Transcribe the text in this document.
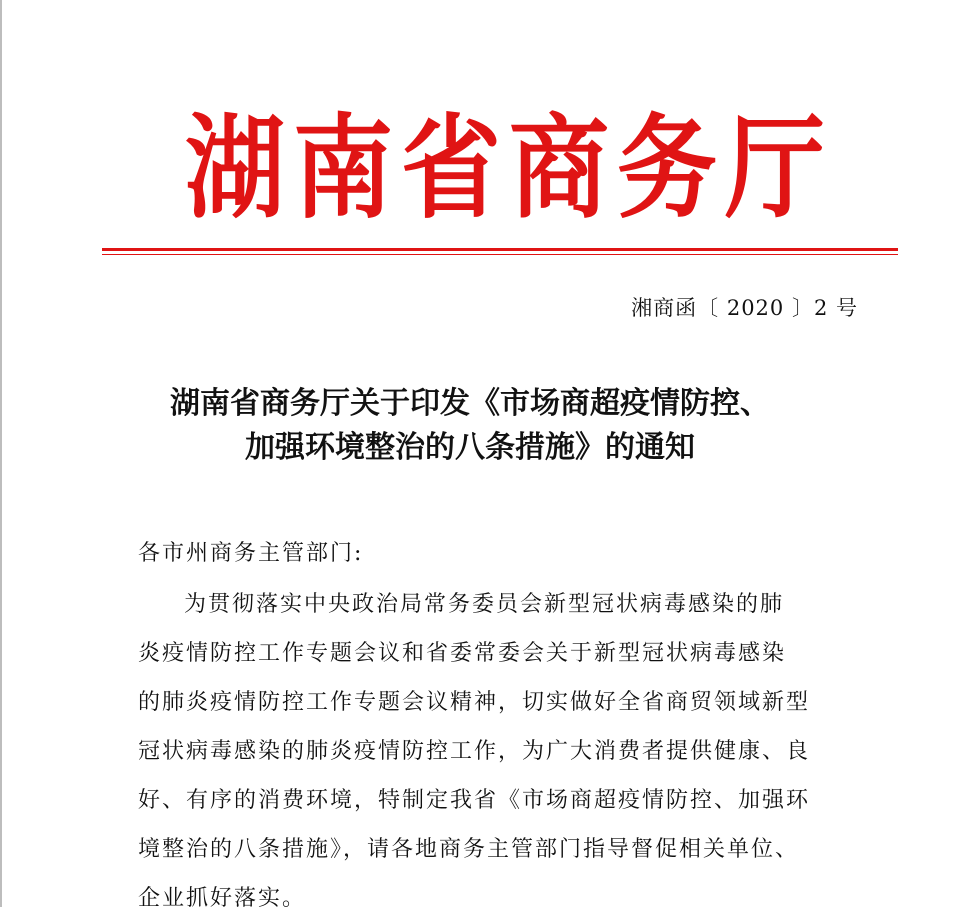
湖 南 省 商 务 厅
湘商函〔 2020 〕2 号
湖南省商务厅关于印发《市场商超疫情防控、
加强环境整治的八条措施》的通知
各市州商务主管部门:
为贯彻落实中央政治局常务委员会新型冠状病毒感染的肺
炎疫情防控工作专题会议和省委常委会关于新型冠状病毒感染
的肺炎疫情防控工作专题会议精神，切实做好全省商贸领域新型
冠状病毒感染的肺炎疫情防控工作，为广大消费者提供健康、良
好、有序的消费环境，特制定我省《市场商超疫情防控、加强环
境整治的八条措施》，请各地商务主管部门指导督促相关单位、
企业抓好落实。
